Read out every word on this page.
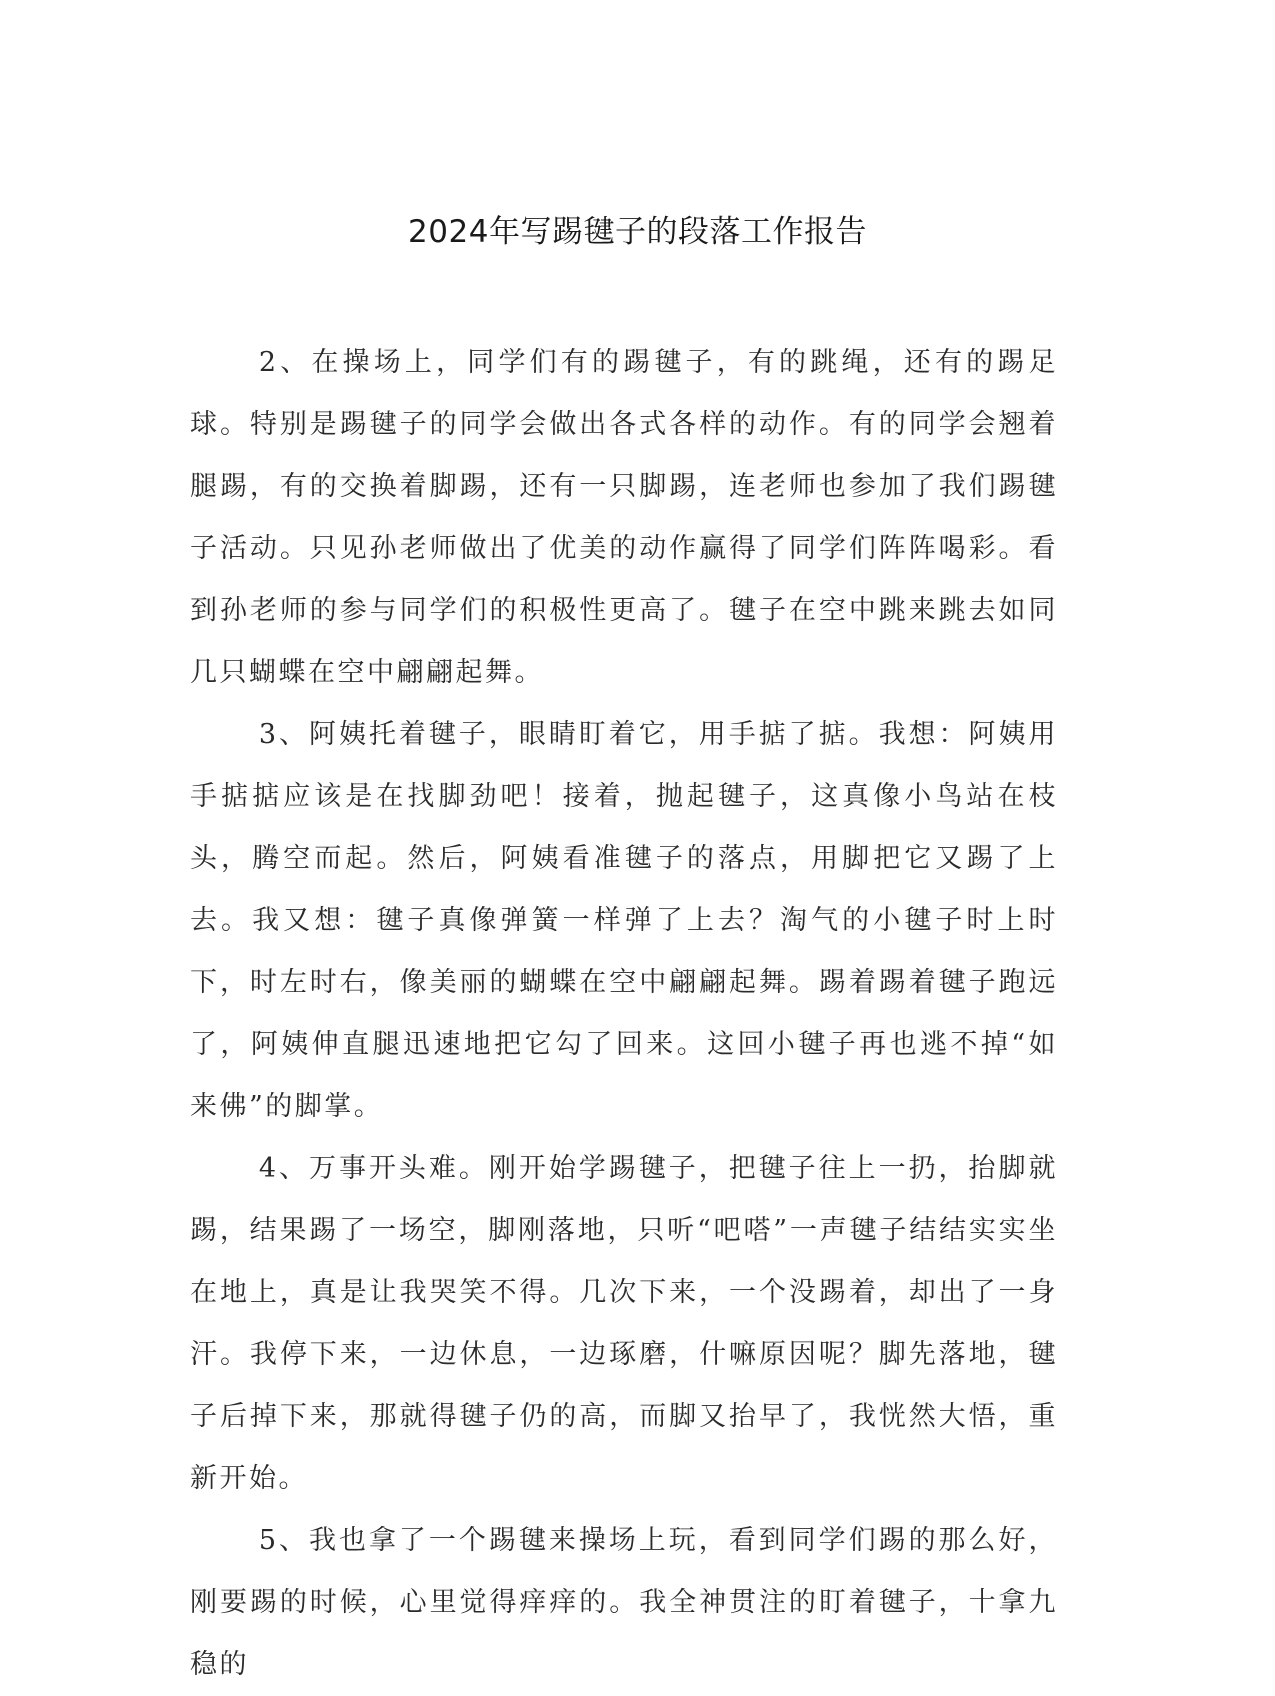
2024年写踢毽子的段落工作报告

2、在操场上，同学们有的踢毽子，有的跳绳，还有的踢足球。特别是踢毽子的同学会做出各式各样的动作。有的同学会翘着腿踢，有的交换着脚踢，还有一只脚踢，连老师也参加了我们踢毽子活动。只见孙老师做出了优美的动作赢得了同学们阵阵喝彩。看到孙老师的参与同学们的积极性更高了。毽子在空中跳来跳去如同几只蝴蝶在空中翩翩起舞。

3、阿姨托着毽子，眼睛盯着它，用手掂了掂。我想：阿姨用手掂掂应该是在找脚劲吧！接着，抛起毽子，这真像小鸟站在枝头，腾空而起。然后，阿姨看准毽子的落点，用脚把它又踢了上去。我又想：毽子真像弹簧一样弹了上去？淘气的小毽子时上时下，时左时右，像美丽的蝴蝶在空中翩翩起舞。踢着踢着毽子跑远了，阿姨伸直腿迅速地把它勾了回来。这回小毽子再也逃不掉“如来佛”的脚掌。

4、万事开头难。刚开始学踢毽子，把毽子往上一扔，抬脚就踢，结果踢了一场空，脚刚落地，只听“吧嗒”一声毽子结结实实坐在地上，真是让我哭笑不得。几次下来，一个没踢着，却出了一身汗。我停下来，一边休息，一边琢磨，什嘛原因呢？脚先落地，毽子后掉下来，那就得毽子仍的高，而脚又抬早了，我恍然大悟，重新开始。

5、我也拿了一个踢毽来操场上玩，看到同学们踢的那么好，刚要踢的时候，心里觉得痒痒的。我全神贯注的盯着毽子，十拿九稳的
